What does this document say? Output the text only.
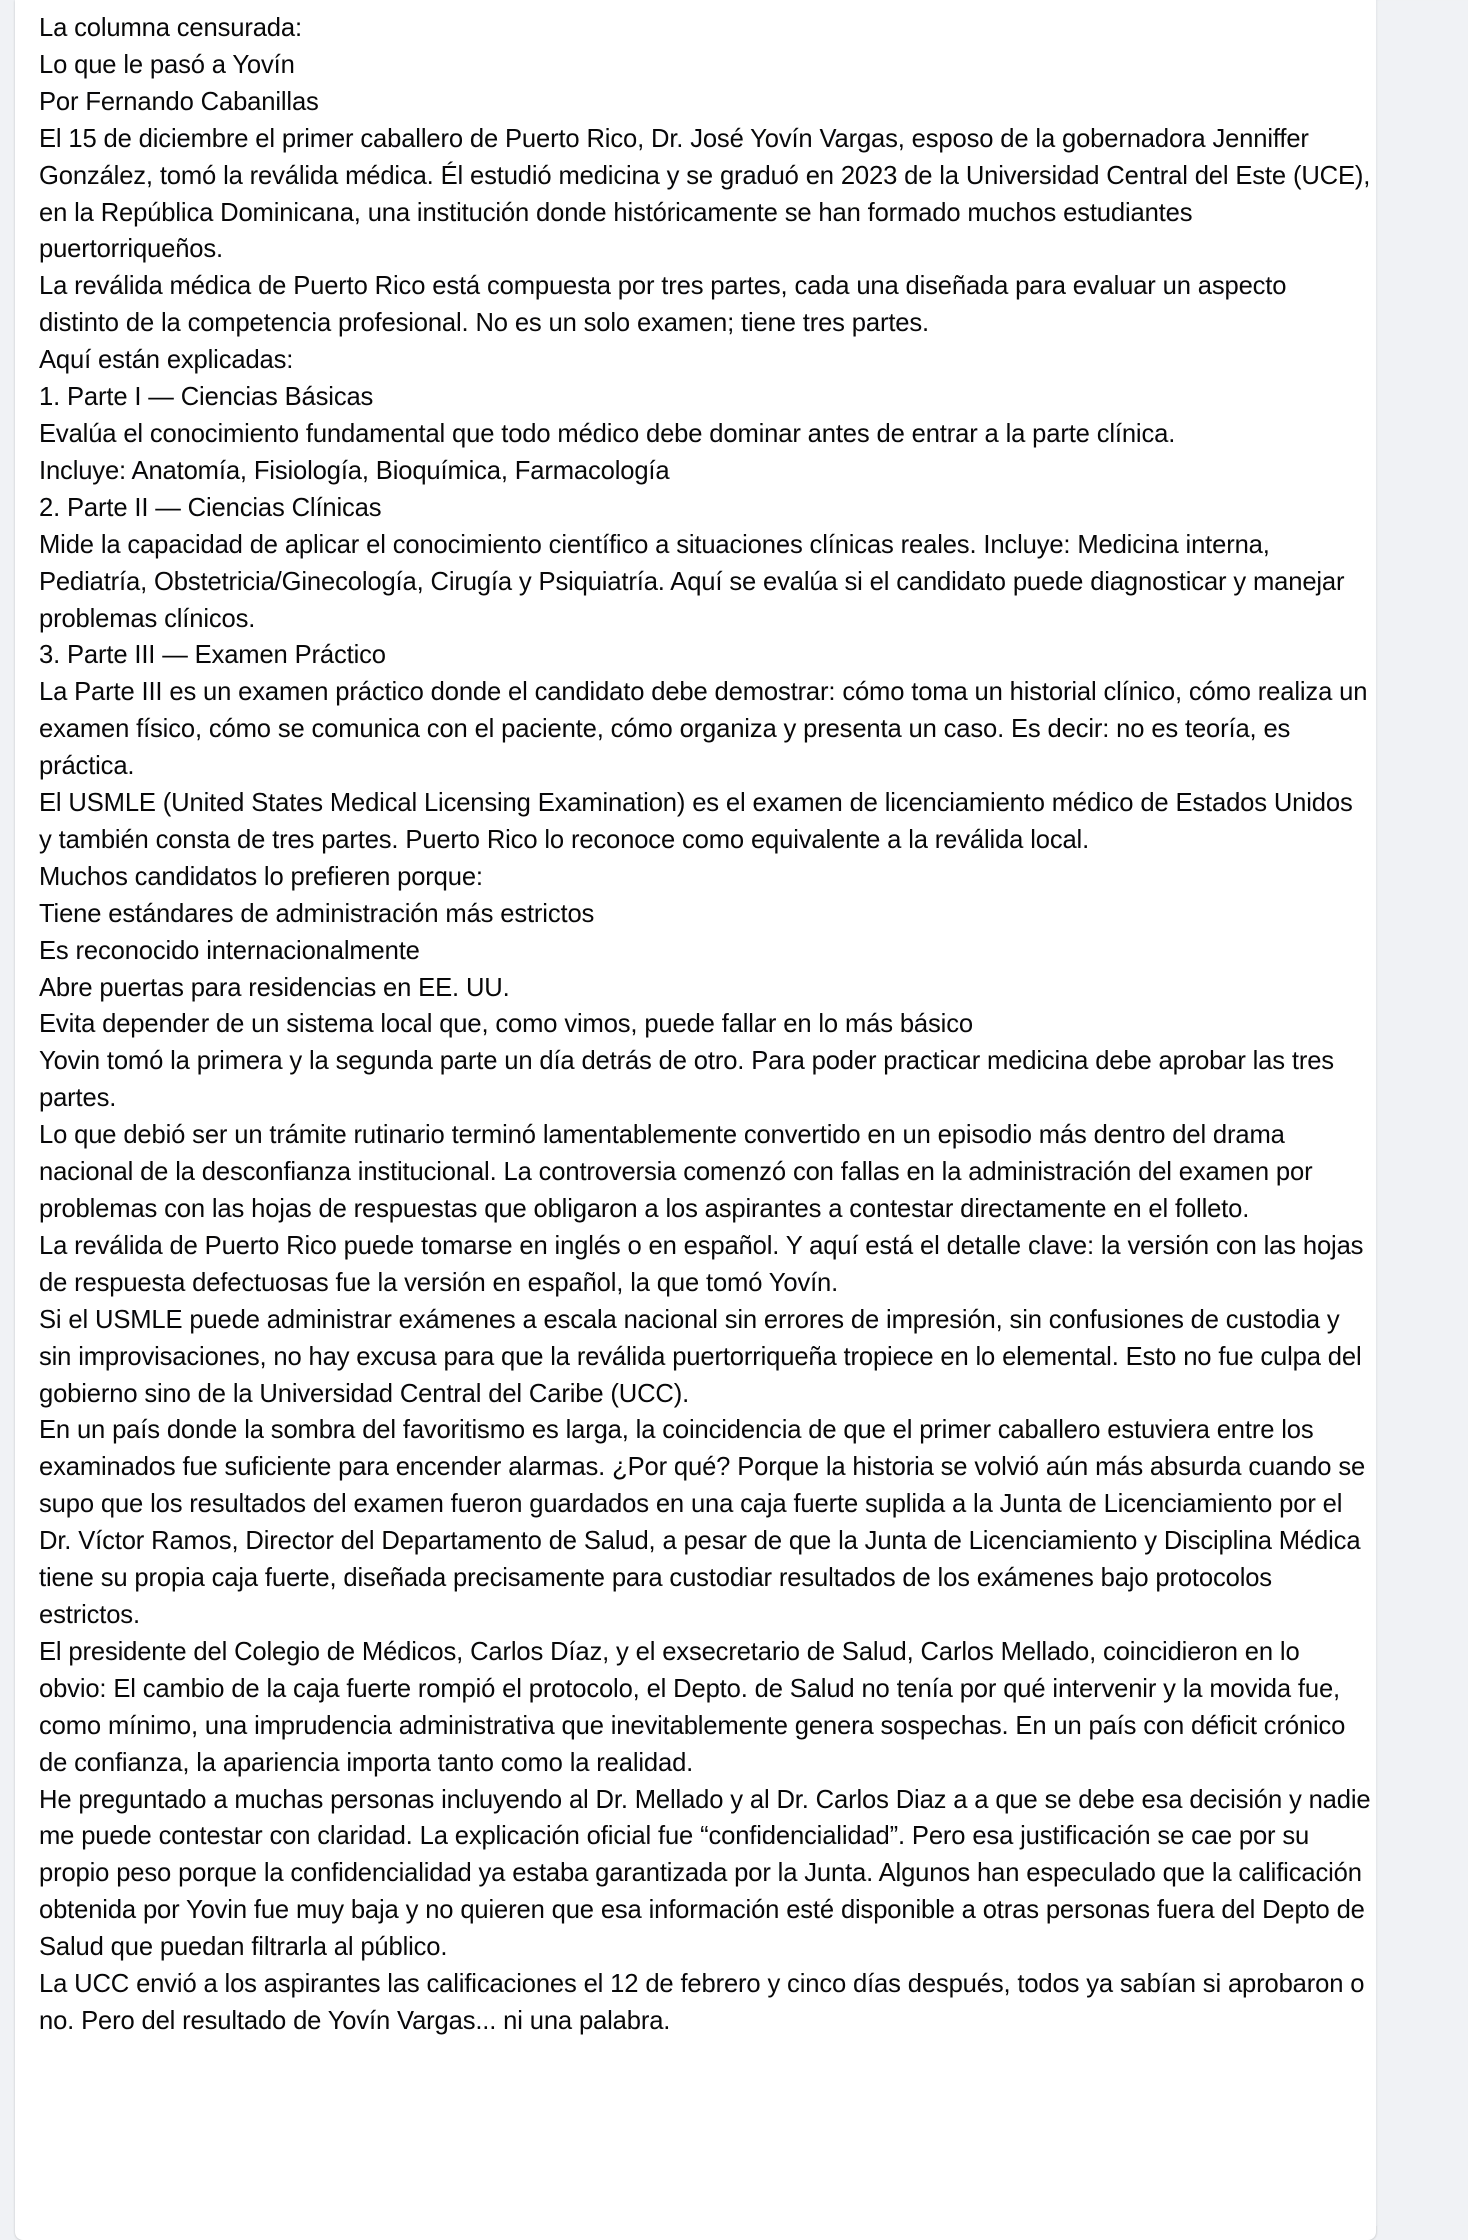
La columna censurada:

Lo que le pasó a Yovín

Por Fernando Cabanillas

El 15 de diciembre el primer caballero de Puerto Rico, Dr. José Yovín Vargas, esposo de la gobernadora Jenniffer González, tomó la reválida médica. Él estudió medicina y se graduó en 2023 de la Universidad Central del Este (UCE), en la República Dominicana, una institución donde históricamente se han formado muchos estudiantes puertorriqueños.

La reválida médica de Puerto Rico está compuesta por tres partes, cada una diseñada para evaluar un aspecto distinto de la competencia profesional. No es un solo examen; tiene tres partes.

Aquí están explicadas:

1. Parte I — Ciencias Básicas

Evalúa el conocimiento fundamental que todo médico debe dominar antes de entrar a la parte clínica.

Incluye: Anatomía, Fisiología, Bioquímica, Farmacología

2. Parte II — Ciencias Clínicas

Mide la capacidad de aplicar el conocimiento científico a situaciones clínicas reales. Incluye: Medicina interna, Pediatría, Obstetricia/Ginecología, Cirugía y Psiquiatría. Aquí se evalúa si el candidato puede diagnosticar y manejar problemas clínicos.

3. Parte III — Examen Práctico

La Parte III es un examen práctico donde el candidato debe demostrar: cómo toma un historial clínico, cómo realiza un examen físico, cómo se comunica con el paciente, cómo organiza y presenta un caso. Es decir: no es teoría, es práctica.

El USMLE (United States Medical Licensing Examination) es el examen de licenciamiento médico de Estados Unidos y también consta de tres partes. Puerto Rico lo reconoce como equivalente a la reválida local.

Muchos candidatos lo prefieren porque:

Tiene estándares de administración más estrictos

Es reconocido internacionalmente

Abre puertas para residencias en EE. UU.

Evita depender de un sistema local que, como vimos, puede fallar en lo más básico

Yovin tomó la primera y la segunda parte un día detrás de otro. Para poder practicar medicina debe aprobar las tres partes.

Lo que debió ser un trámite rutinario terminó lamentablemente convertido en un episodio más dentro del drama nacional de la desconfianza institucional. La controversia comenzó con fallas en la administración del examen por problemas con las hojas de respuestas que obligaron a los aspirantes a contestar directamente en el folleto.

La reválida de Puerto Rico puede tomarse en inglés o en español. Y aquí está el detalle clave: la versión con las hojas de respuesta defectuosas fue la versión en español, la que tomó Yovín.

Si el USMLE puede administrar exámenes a escala nacional sin errores de impresión, sin confusiones de custodia y sin improvisaciones, no hay excusa para que la reválida puertorriqueña tropiece en lo elemental. Esto no fue culpa del gobierno sino de la Universidad Central del Caribe (UCC).

En un país donde la sombra del favoritismo es larga, la coincidencia de que el primer caballero estuviera entre los examinados fue suficiente para encender alarmas. ¿Por qué? Porque la historia se volvió aún más absurda cuando se supo que los resultados del examen fueron guardados en una caja fuerte suplida a la Junta de Licenciamiento por el Dr. Víctor Ramos, Director del Departamento de Salud, a pesar de que la Junta de Licenciamiento y Disciplina Médica tiene su propia caja fuerte, diseñada precisamente para custodiar resultados de los exámenes bajo protocolos estrictos.

El presidente del Colegio de Médicos, Carlos Díaz, y el exsecretario de Salud, Carlos Mellado, coincidieron en lo obvio: El cambio de la caja fuerte rompió el protocolo, el Depto. de Salud no tenía por qué intervenir y la movida fue, como mínimo, una imprudencia administrativa que inevitablemente genera sospechas. En un país con déficit crónico de confianza, la apariencia importa tanto como la realidad.

He preguntado a muchas personas incluyendo al Dr. Mellado y al Dr. Carlos Diaz a a que se debe esa decisión y nadie me puede contestar con claridad. La explicación oficial fue “confidencialidad”. Pero esa justificación se cae por su propio peso porque la confidencialidad ya estaba garantizada por la Junta. Algunos han especulado que la calificación obtenida por Yovin fue muy baja y no quieren que esa información esté disponible a otras personas fuera del Depto de Salud que puedan filtrarla al público.

La UCC envió a los aspirantes las calificaciones el 12 de febrero y cinco días después, todos ya sabían si aprobaron o no. Pero del resultado de Yovín Vargas... ni una palabra.
